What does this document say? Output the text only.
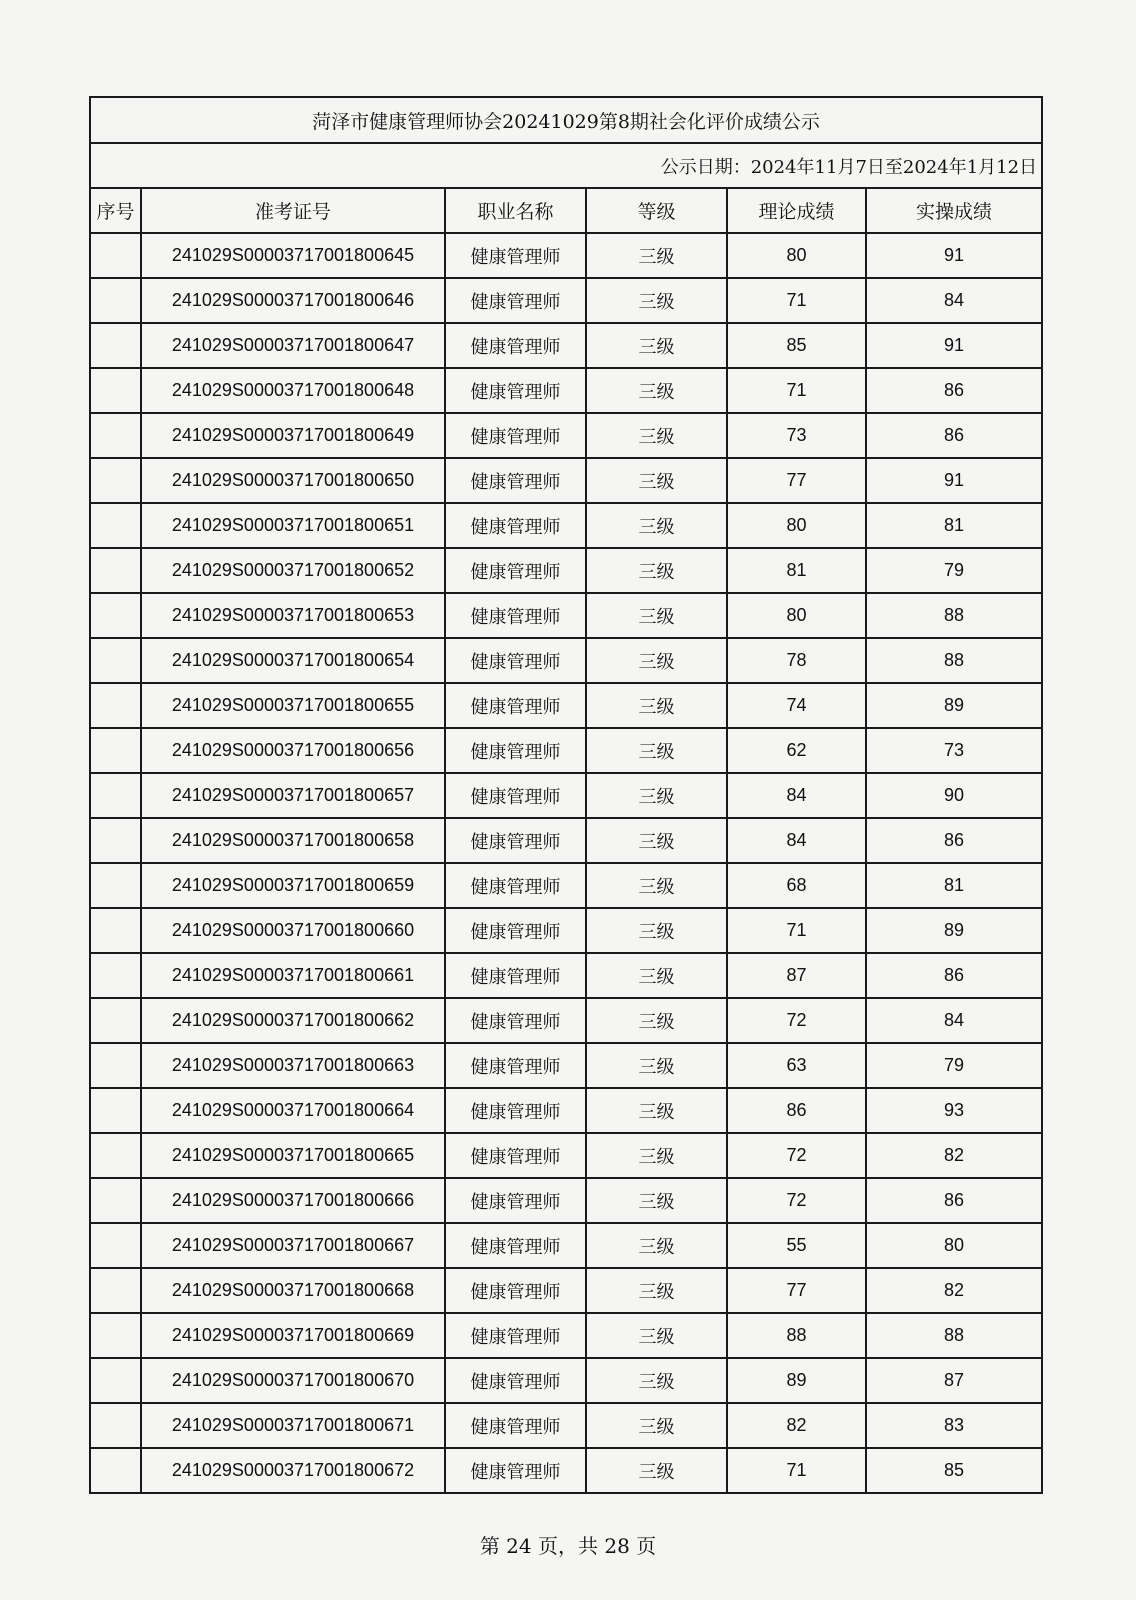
菏泽市健康管理师协会20241029第8期社会化评价成绩公示					
公示日期：2024年11月7日至2024年1月12日					
序号	准考证号	职业名称	等级	理论成绩	实操成绩
	241029S00003717001800645	健康管理师	三级	80	91
	241029S00003717001800646	健康管理师	三级	71	84
	241029S00003717001800647	健康管理师	三级	85	91
	241029S00003717001800648	健康管理师	三级	71	86
	241029S00003717001800649	健康管理师	三级	73	86
	241029S00003717001800650	健康管理师	三级	77	91
	241029S00003717001800651	健康管理师	三级	80	81
	241029S00003717001800652	健康管理师	三级	81	79
	241029S00003717001800653	健康管理师	三级	80	88
	241029S00003717001800654	健康管理师	三级	78	88
	241029S00003717001800655	健康管理师	三级	74	89
	241029S00003717001800656	健康管理师	三级	62	73
	241029S00003717001800657	健康管理师	三级	84	90
	241029S00003717001800658	健康管理师	三级	84	86
	241029S00003717001800659	健康管理师	三级	68	81
	241029S00003717001800660	健康管理师	三级	71	89
	241029S00003717001800661	健康管理师	三级	87	86
	241029S00003717001800662	健康管理师	三级	72	84
	241029S00003717001800663	健康管理师	三级	63	79
	241029S00003717001800664	健康管理师	三级	86	93
	241029S00003717001800665	健康管理师	三级	72	82
	241029S00003717001800666	健康管理师	三级	72	86
	241029S00003717001800667	健康管理师	三级	55	80
	241029S00003717001800668	健康管理师	三级	77	82
	241029S00003717001800669	健康管理师	三级	88	88
	241029S00003717001800670	健康管理师	三级	89	87
	241029S00003717001800671	健康管理师	三级	82	83
	241029S00003717001800672	健康管理师	三级	71	85
第 24 页，共 28 页
